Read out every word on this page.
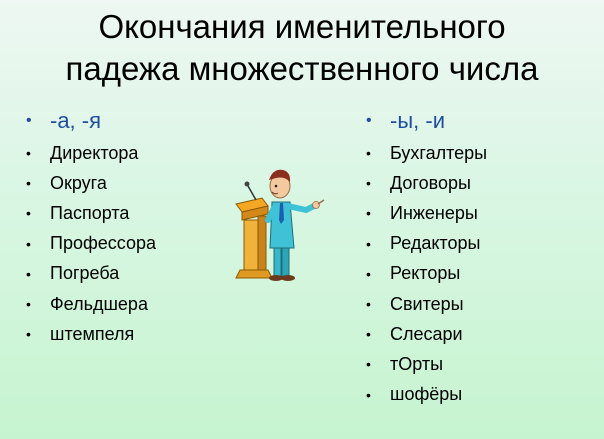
Окончания именительного
падежа множественного числа
• -а, -я
•	Директора
•	Округа
•	Паспорта
•	Профессора
•	Погреба
•	Фельдшера
•	штемпеля
• -ы, -и
•	Бухгалтеры
•	Договоры
•	Инженеры
•	Редакторы
•	Ректоры
•	Свитеры
•	Слесари
•	тОрты
•	шофёры
